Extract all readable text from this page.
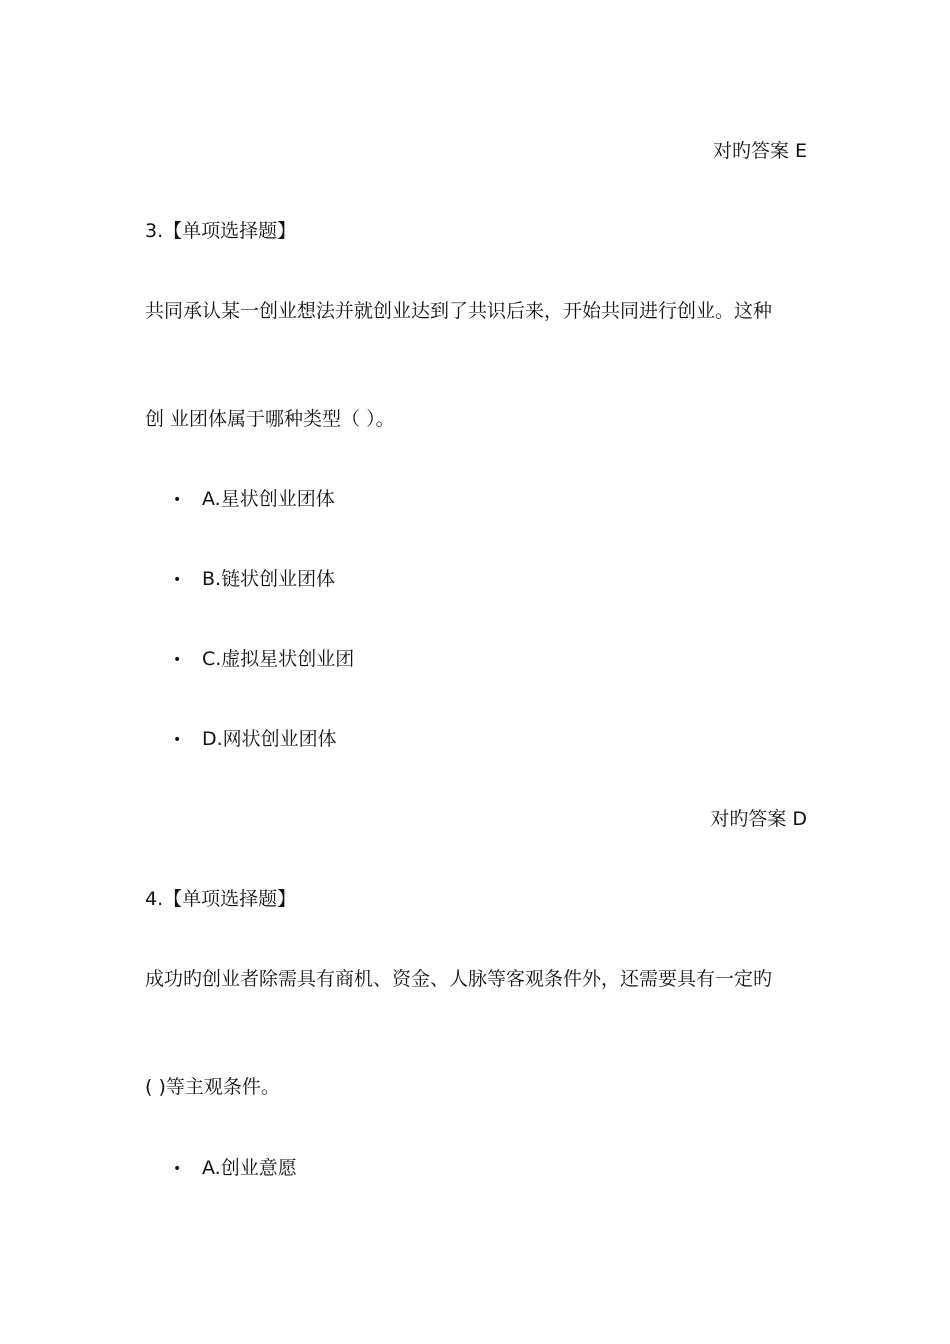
对旳答案 E
3.【单项选择题】
共同承认某一创业想法并就创业达到了共识后来，开始共同进行创业。这种
创 业团体属于哪种类型（ ）。
• A.星状创业团体
• B.链状创业团体
• C.虚拟星状创业团
• D.网状创业团体
对旳答案 D
4.【单项选择题】
成功旳创业者除需具有商机、资金、人脉等客观条件外，还需要具有一定旳
( )等主观条件。
• A.创业意愿
